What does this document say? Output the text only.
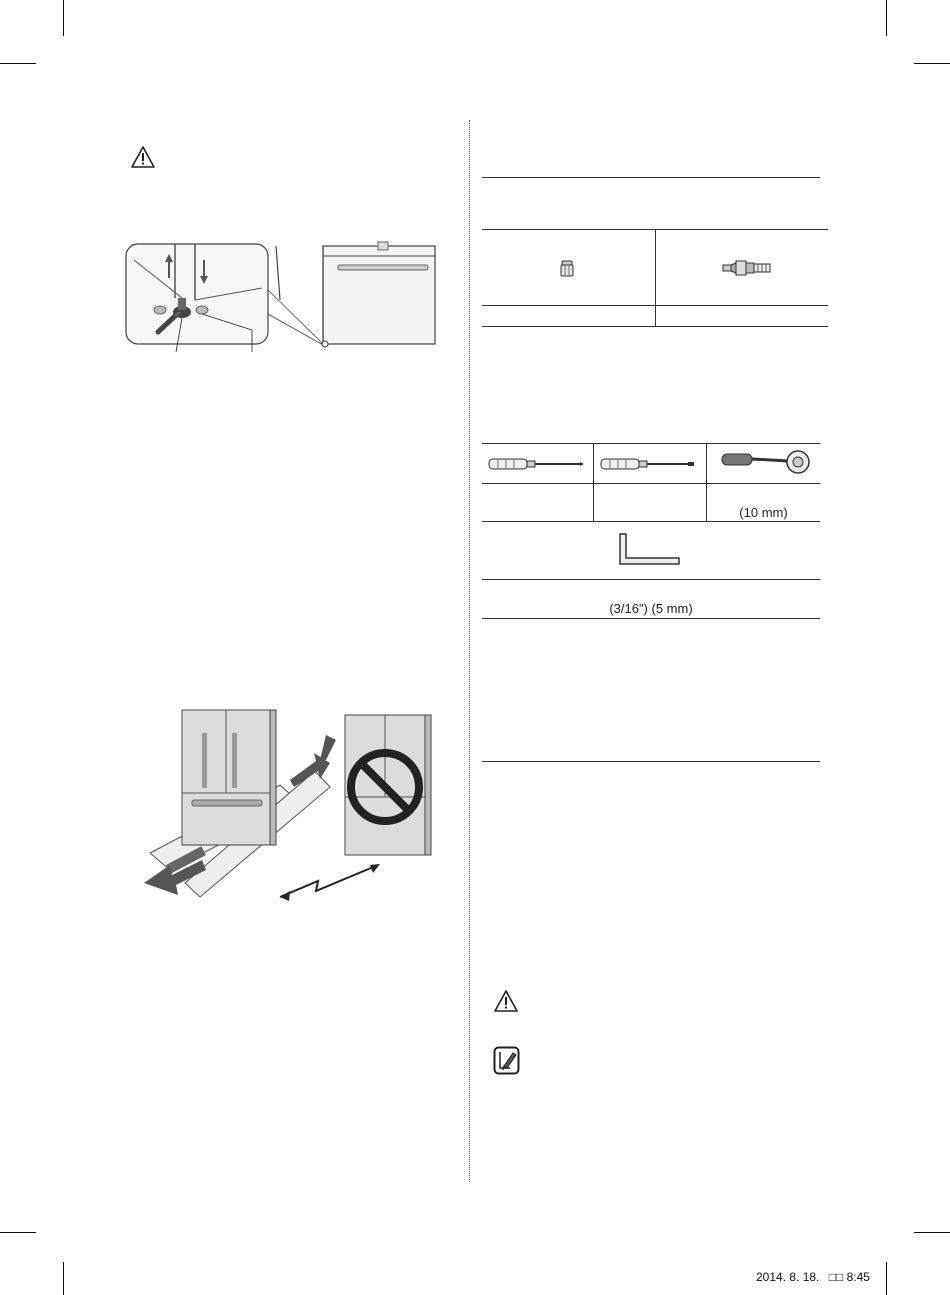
(10 mm)
(3/16") (5 mm)
2014. 8. 18. □□ 8:45
